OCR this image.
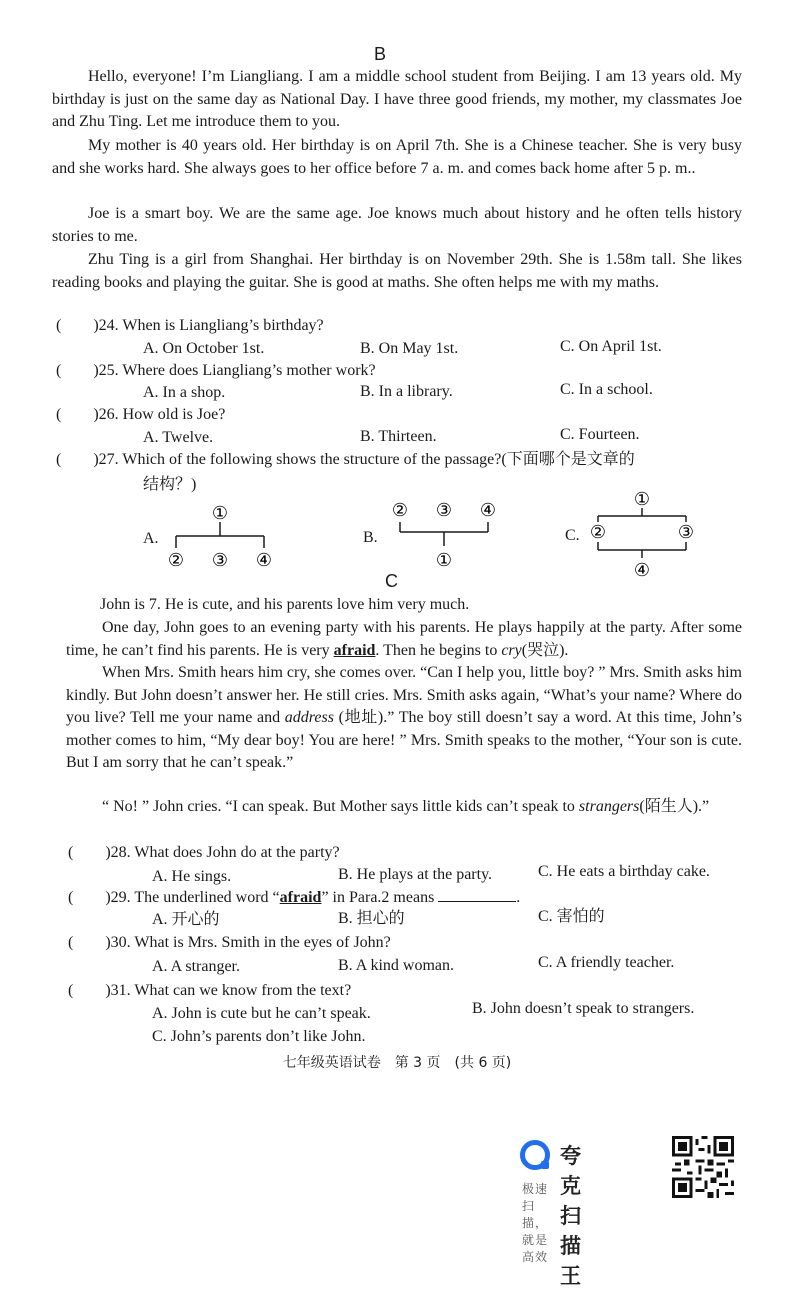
B
Hello, everyone! I’m Liangliang. I am a middle school student from Beijing. I am 13 years old. My birthday is just on the same day as National Day. I have three good friends, my mother, my classmates Joe and Zhu Ting. Let me introduce them to you.
My mother is 40 years old. Her birthday is on April 7th. She is a Chinese teacher. She is very busy and she works hard. She always goes to her office before 7 a. m. and comes back home after 5 p. m..
Joe is a smart boy. We are the same age. Joe knows much about history and he often tells history stories to me.
Zhu Ting is a girl from Shanghai. Her birthday is on November 29th. She is 1.58m tall. She likes reading books and playing the guitar. She is good at maths. She often helps me with my maths.
(　　)24. When is Liangliang’s birthday?
A. On October 1st.	B. On May 1st.	C. On April 1st.
(　　)25. Where does Liangliang’s mother work?
A. In a shop.	B. In a library.	C. In a school.
(　　)26. How old is Joe?
A. Twelve.	B. Thirteen.	C. Fourteen.
(　　)27. Which of the following shows the structure of the passage?(下面哪个是文章的
结构？)
A.
①
② ③ ④
B.
② ③ ④
①
C.
①
②	③
④
C
John is 7. He is cute, and his parents love him very much.
One day, John goes to an evening party with his parents. He plays happily at the party. After some time, he can’t find his parents. He is very afraid. Then he begins to cry(哭泣).
When Mrs. Smith hears him cry, she comes over. “Can I help you, little boy? ” Mrs. Smith asks him kindly. But John doesn’t answer her. He still cries. Mrs. Smith asks again, “What’s your name? Where do you live? Tell me your name and address (地址).” The boy still doesn’t say a word. At this time, John’s mother comes to him, “My dear boy! You are here! ” Mrs. Smith speaks to the mother, “Your son is cute. But I am sorry that he can’t speak.”
“ No! ” John cries. “I can speak. But Mother says little kids can’t speak to strangers(陌生人).”
(　　)28. What does John do at the party?
A. He sings.	B. He plays at the party.	C. He eats a birthday cake.
(　　)29. The underlined word “afraid” in Para.2 means	.
A. 开心的	B. 担心的	C. 害怕的
(　　)30. What is Mrs. Smith in the eyes of John?
A. A stranger.	B. A kind woman.	C. A friendly teacher.
(　　)31. What can we know from the text?
A. John is cute but he can’t speak.	B. John doesn’t speak to strangers.
C. John’s parents don’t like John.
七年级英语试卷　第 3 页　(共 6 页)
夸克扫描王
极速扫描，就是高效
